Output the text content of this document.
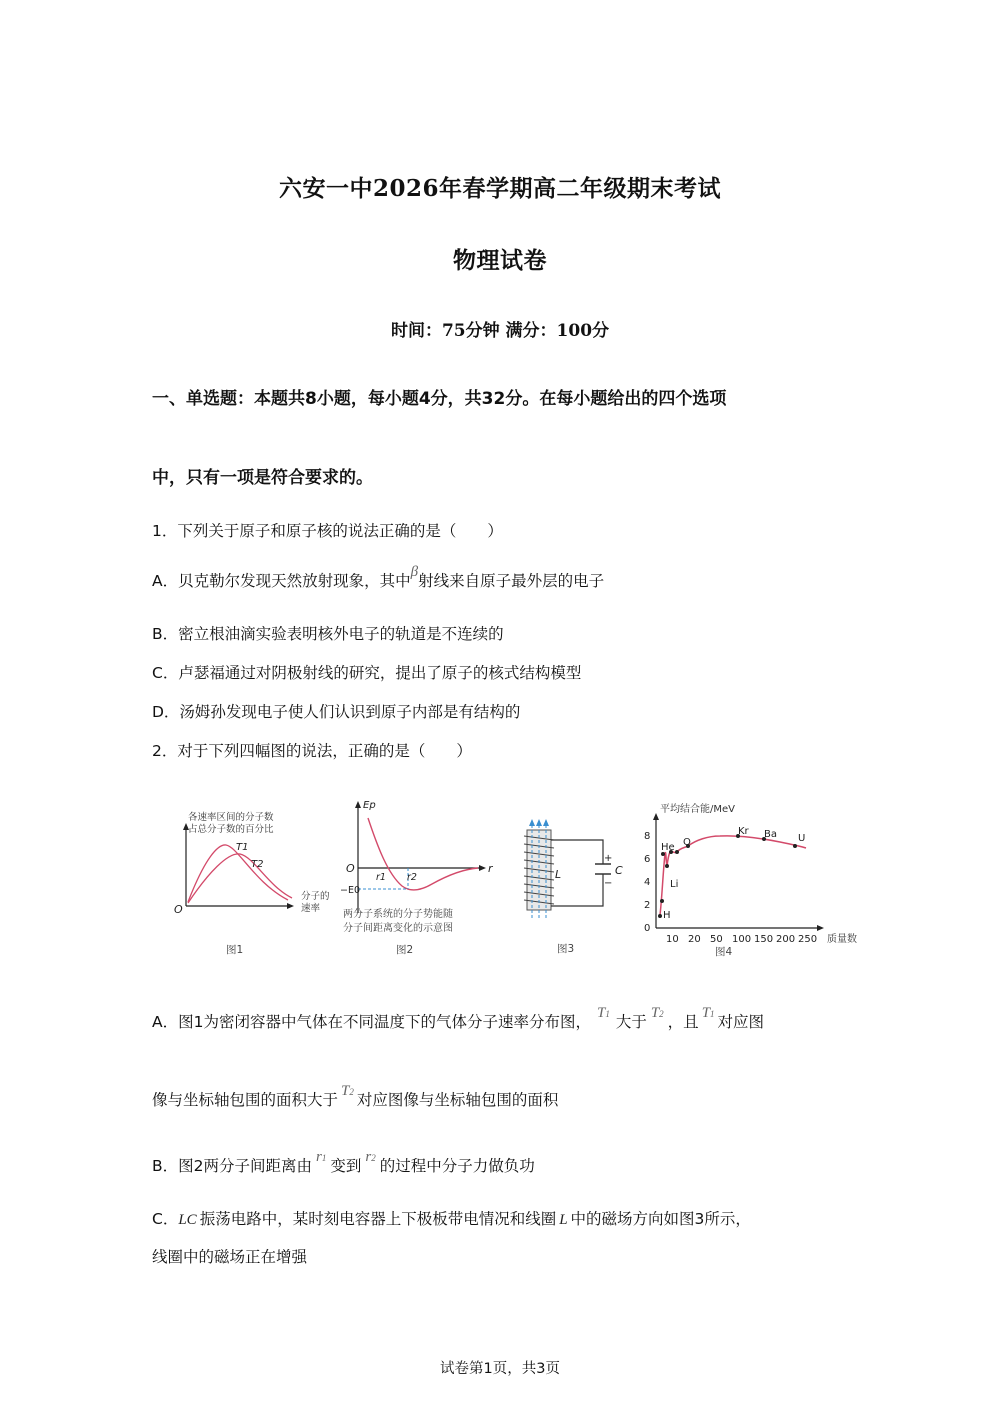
六安一中2026年春学期高二年级期末考试
物理试卷
时间：75分钟 满分：100分
一、单选题：本题共8小题，每小题4分，共32分。在每小题给出的四个选项
中，只有一项是符合要求的。
1．下列关于原子和原子核的说法正确的是（　　）
A．贝克勒尔发现天然放射现象，其中β射线来自原子最外层的电子
B．密立根油滴实验表明核外电子的轨道是不连续的
C．卢瑟福通过对阴极射线的研究，提出了原子的核式结构模型
D．汤姆孙发现电子使人们认识到原子内部是有结构的
2．对于下列四幅图的说法，正确的是（　　）
各速率区间的分子数
占总分子数的百分比
T1
T2
分子的
速率
O
图1
Ep
r
O
−E0
r1 r2
两分子系统的分子势能随
分子间距离变化的示意图
图2
+
−
C
L
图3
0
2
4
6
8
10 20 50 100 150 200 250
H
Li
He O
Kr Ba U
平均结合能/MeV
质量数
图4
A．图1为密闭容器中气体在不同温度下的气体分子速率分布图， T1 大于 T2 ，且 T1 对应图
像与坐标轴包围的面积大于 T2 对应图像与坐标轴包围的面积
B．图2两分子间距离由 r1 变到 r2 的过程中分子力做负功
C．LC 振荡电路中，某时刻电容器上下极板带电情况和线圈 L 中的磁场方向如图3所示，
线圈中的磁场正在增强
试卷第1页，共3页
